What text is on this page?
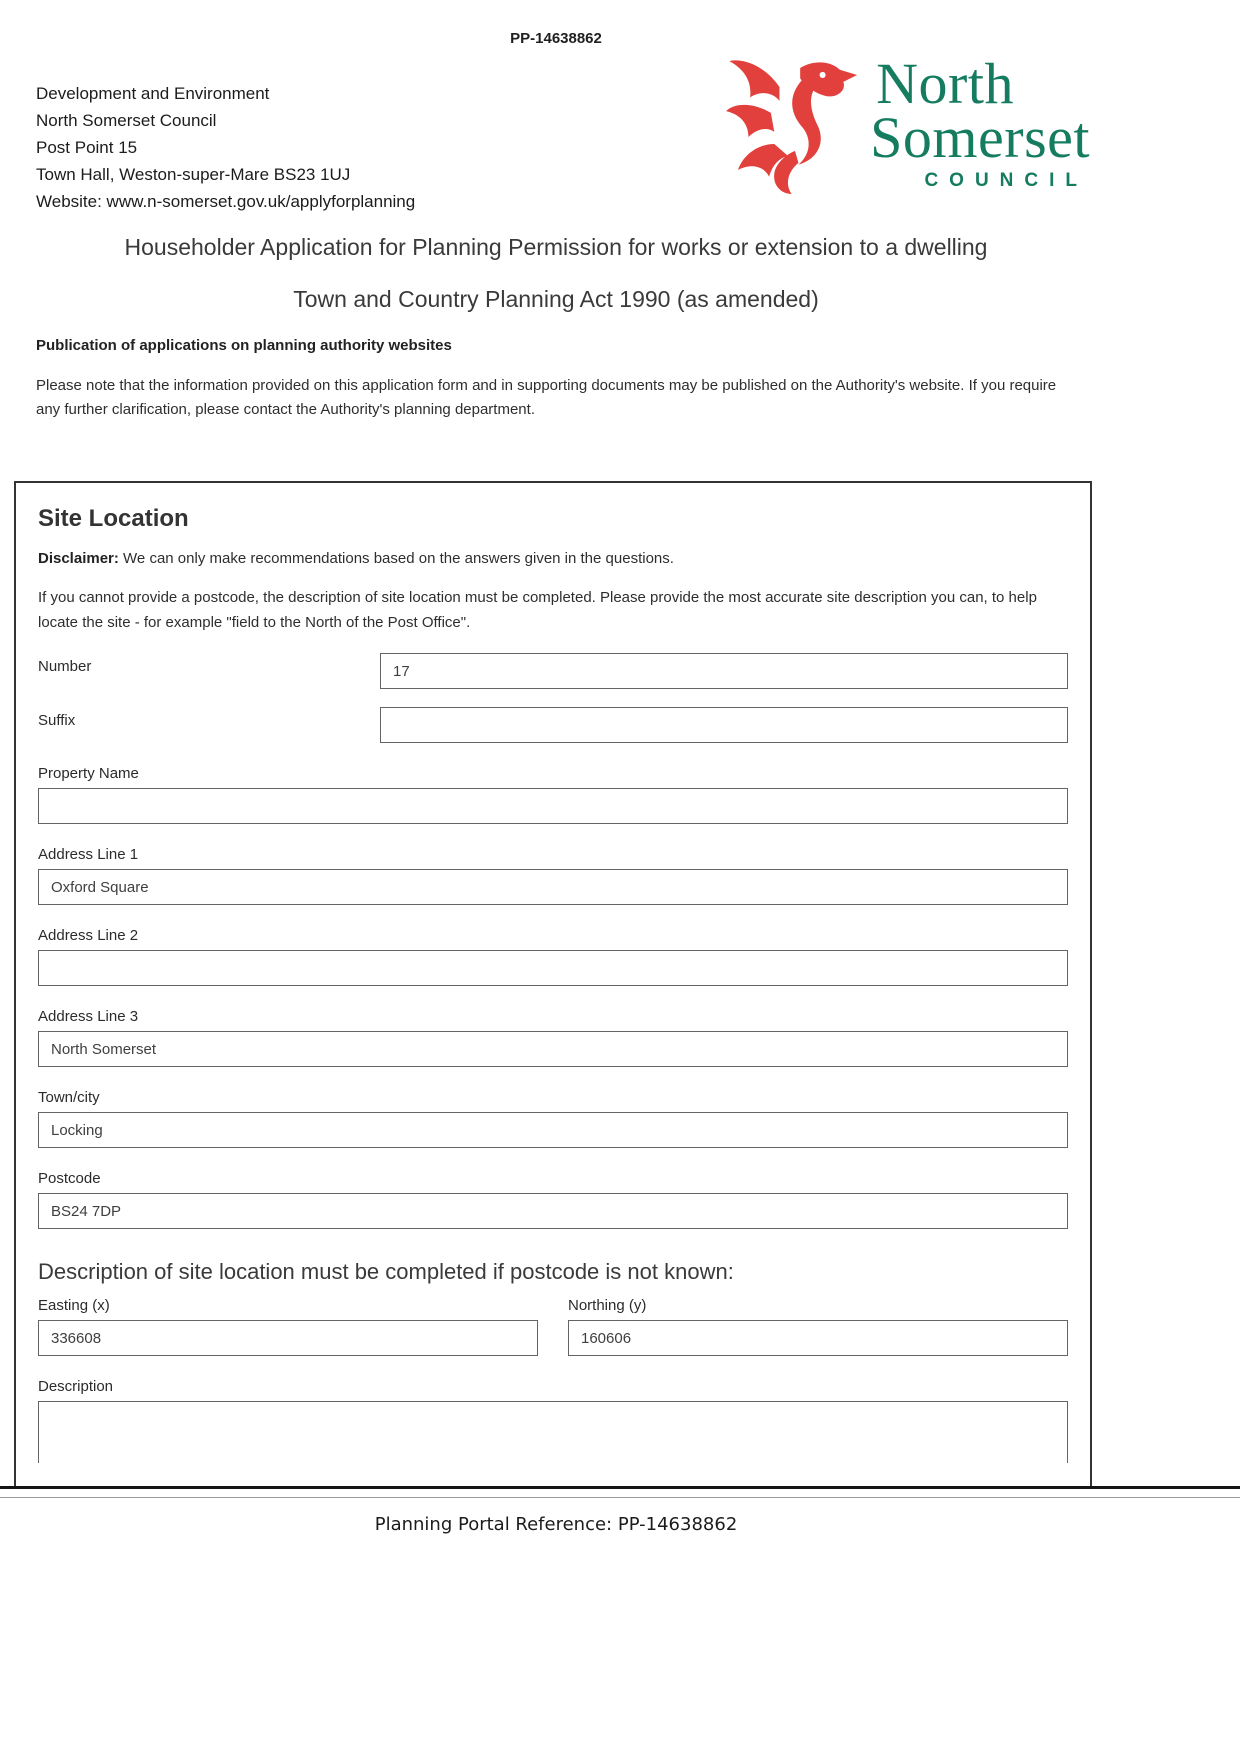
PP-14638862
Development and Environment
North Somerset Council
Post Point 15
Town Hall, Weston-super-Mare BS23 1UJ
Website: www.n-somerset.gov.uk/applyforplanning
North
Somerset
COUNCIL
Householder Application for Planning Permission for works or extension to a dwelling
Town and Country Planning Act 1990 (as amended)
Publication of applications on planning authority websites

Please note that the information provided on this application form and in supporting documents may be published on the Authority's website. If you require any further clarification, please contact the Authority's planning department.

Site Location

Disclaimer: We can only make recommendations based on the answers given in the questions.

If you cannot provide a postcode, the description of site location must be completed. Please provide the most accurate site description you can, to help locate the site - for example "field to the North of the Post Office".

Number
17
Suffix
Property Name
Address Line 1
Oxford Square
Address Line 2
Address Line 3
North Somerset
Town/city
Locking
Postcode
BS24 7DP
Description of site location must be completed if postcode is not known:
Easting (x)
336608	Northing (y)
160606
Description
Planning Portal Reference: PP-14638862
